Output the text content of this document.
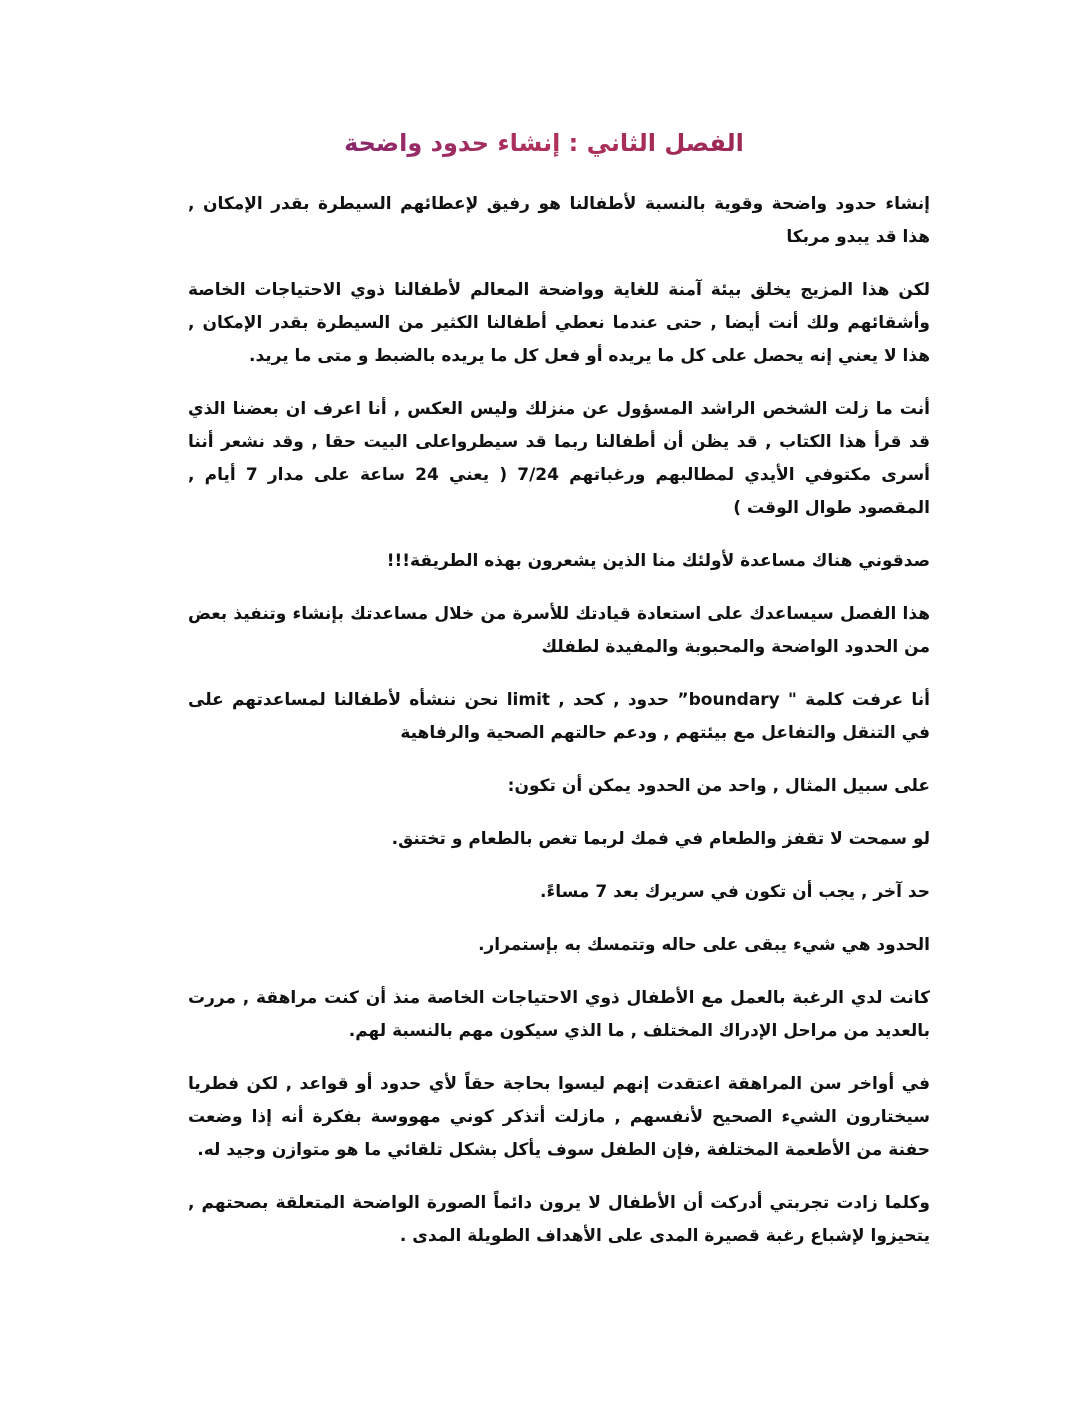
الفصل الثاني : إنشاء حدود واضحة

إنشاء حدود واضحة وقوية بالنسبة لأطفالنا هو رفيق لإعطائهم السيطرة بقدر الإمكان , هذا قد يبدو مربكا

لكن هذا المزيج يخلق بيئة آمنة للغاية وواضحة المعالم لأطفالنا ذوي الاحتياجات الخاصة وأشقائهم ولك أنت أيضا , حتى عندما نعطي أطفالنا الكثير من السيطرة بقدر الإمكان , هذا لا يعني إنه يحصل على كل ما يريده أو فعل كل ما يريده بالضبط و متى ما يريد.

أنت ما زلت الشخص الراشد المسؤول عن منزلك وليس العكس , أنا اعرف ان بعضنا الذي قد قرأ هذا الكتاب , قد يظن أن أطفالنا ربما قد سيطرواعلى البيت حقا , وقد نشعر أننا أسرى مكتوفي الأيدي لمطالبهم ورغباتهم 7/24 ( يعني 24 ساعة على مدار 7 أيام , المقصود طوال الوقت )

صدقوني هناك مساعدة لأولئك منا الذين يشعرون بهذه الطريقة!!!

هذا الفصل سيساعدك على استعادة قيادتك للأسرة من خلال مساعدتك بإنشاء وتنفيذ بعض من الحدود الواضحة والمحبوبة والمفيدة لطفلك

أنا عرفت كلمة " boundary” حدود , كحد , limit نحن ننشأه لأطفالنا لمساعدتهم على في التنقل والتفاعل مع بيئتهم , ودعم حالتهم الصحية والرفاهية

على سبيل المثال , واحد من الحدود يمكن أن تكون:

لو سمحت لا تقفز والطعام في فمك لربما تغص بالطعام و تختنق.

حد آخر , يجب أن تكون في سريرك بعد 7 مساءً.

الحدود هي شيء يبقى على حاله وتتمسك به بإستمرار.

كانت لدي الرغبة بالعمل مع الأطفال ذوي الاحتياجات الخاصة منذ أن كنت مراهقة , مررت بالعديد من مراحل الإدراك المختلف , ما الذي سيكون مهم بالنسبة لهم.

في أواخر سن المراهقة اعتقدت إنهم ليسوا بحاجة حقاً لأي حدود أو قواعد , لكن فطريا سيختارون الشيء الصحيح لأنفسهم , مازلت أتذكر كوني مهووسة بفكرة أنه إذا وضعت حفنة من الأطعمة المختلفة ,فإن الطفل سوف يأكل بشكل تلقائي ما هو متوازن وجيد له.

وكلما زادت تجربتي أدركت أن الأطفال لا يرون دائماً الصورة الواضحة المتعلقة بصحتهم , يتحيزوا لإشباع رغبة قصيرة المدى على الأهداف الطويلة المدى .
